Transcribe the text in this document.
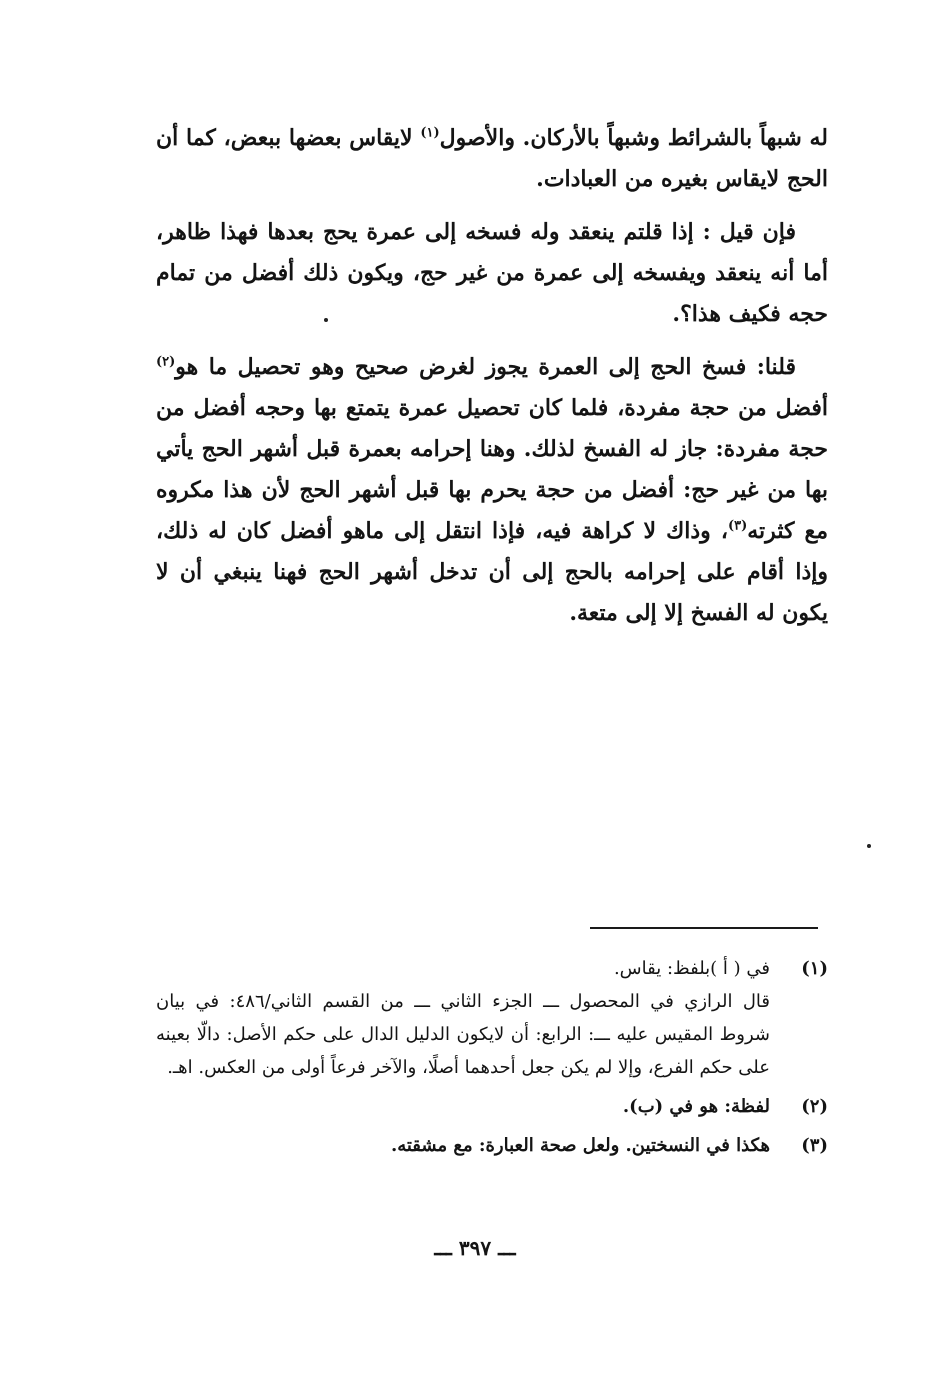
له شبهاً بالشرائط وشبهاً بالأركان. والأصول$^{(١)}$ لايقاس بعضها ببعض، كما أن الحج لايقاس بغيره من العبادات.

فإن قيل : إذا قلتم ينعقد وله فسخه إلى عمرة يحج بعدها فهذا ظاهر، أما أنه ينعقد ويفسخه إلى عمرة من غير حج، ويكون ذلك أفضل من تمام حجه فكيف هذا؟.

قلنا: فسخ الحج إلى العمرة يجوز لغرض صحيح وهو تحصيل ما هو$^{(٢)}$ أفضل من حجة مفردة، فلما كان تحصيل عمرة يتمتع بها وحجه أفضل من حجة مفردة: جاز له الفسخ لذلك. وهنا إحرامه بعمرة قبل أشهر الحج يأتي بها من غير حج: أفضل من حجة يحرم بها قبل أشهر الحج لأن هذا مكروه مع كثرته$^{(٣)}$، وذاك لا كراهة فيه، فإذا انتقل إلى ماهو أفضل كان له ذلك، وإذا أقام على إحرامه بالحج إلى أن تدخل أشهر الحج فهنا ينبغي أن لا يكون له الفسخ إلا إلى متعة.

(١)
في ( أ )بلفظ: يقاس.
قال الرازي في المحصول ـــ الجزء الثاني ـــ من القسم الثاني/٤٨٦: في بيان شروط المقيس عليه ـــ: الرابع: أن لايكون الدليل الدال على حكم الأصل: دالّا بعينه على حكم الفرع، وإلا لم يكن جعل أحدهما أصلًا، والآخر فرعاً أولى من العكس. اهـ.
(٢)
لفظة: هو في (ب).
(٣)
هكذا في النسختين. ولعل صحة العبارة: مع مشقته.
ـــ ٣٩٧ ـــ
